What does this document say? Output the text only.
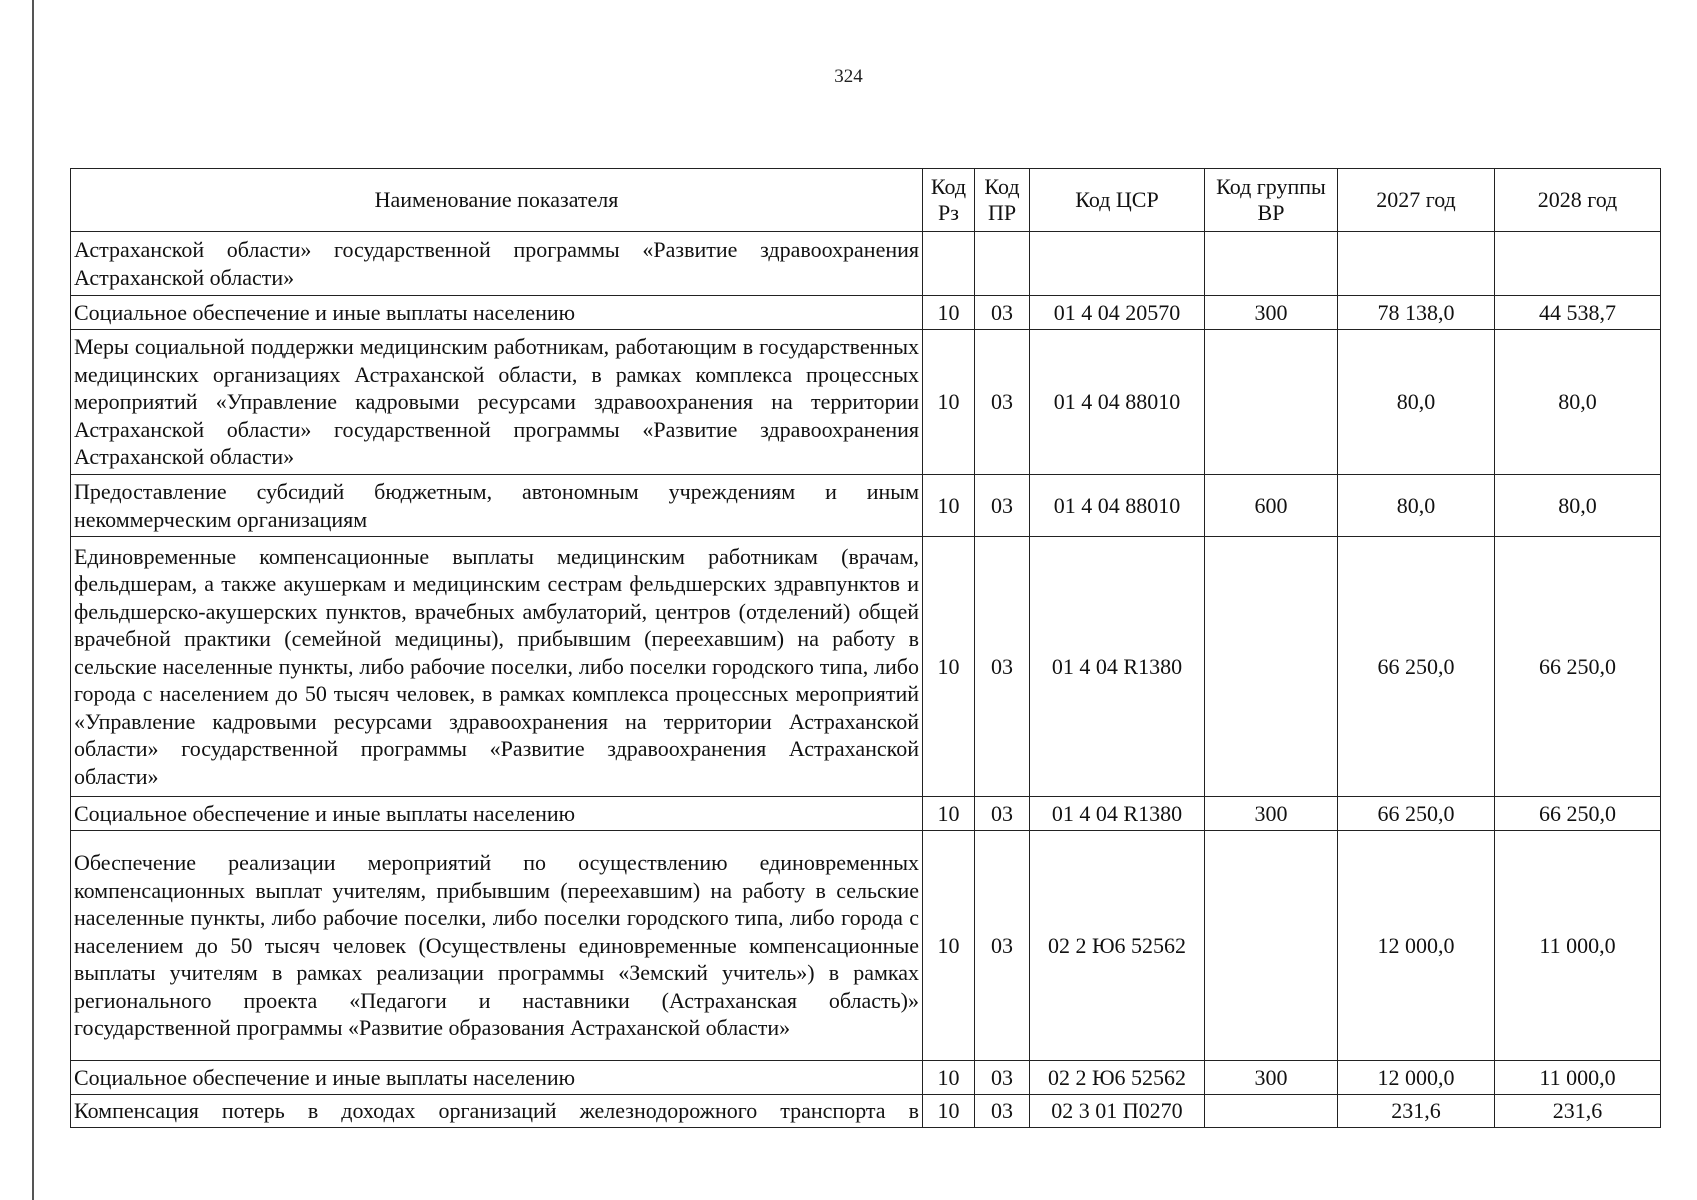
324
Наименование показателя	Код Рз	Код ПР	Код ЦСР	Код группы ВР	2027 год	2028 год
Астраханской области» государственной программы «Развитие здравоохранения Астраханской области»						
Социальное обеспечение и иные выплаты населению	10	03	01 4 04 20570	300	78 138,0	44 538,7
Меры социальной поддержки медицинским работникам, работающим в государственных медицинских организациях Астраханской области, в рамках комплекса процессных мероприятий «Управление кадровыми ресурсами здравоохранения на территории Астраханской области» государственной программы «Развитие здравоохранения Астраханской области»	10	03	01 4 04 88010		80,0	80,0
Предоставление субсидий бюджетным, автономным учреждениям и иным некоммерческим организациям	10	03	01 4 04 88010	600	80,0	80,0
Единовременные компенсационные выплаты медицинским работникам (врачам, фельдшерам, а также акушеркам и медицинским сестрам фельдшерских здравпунктов и фельдшерско-акушерских пунктов, врачебных амбулаторий, центров (отделений) общей врачебной практики (семейной медицины), прибывшим (переехавшим) на работу в сельские населенные пункты, либо рабочие поселки, либо поселки городского типа, либо города с населением до 50 тысяч человек, в рамках комплекса процессных мероприятий «Управление кадровыми ресурсами здравоохранения на территории Астраханской области» государственной программы «Развитие здравоохранения Астраханской области»	10	03	01 4 04 R1380		66 250,0	66 250,0
Социальное обеспечение и иные выплаты населению	10	03	01 4 04 R1380	300	66 250,0	66 250,0
Обеспечение реализации мероприятий по осуществлению единовременных компенсационных выплат учителям, прибывшим (переехавшим) на работу в сельские населенные пункты, либо рабочие поселки, либо поселки городского типа, либо города с населением до 50 тысяч человек (Осуществлены единовременные компенсационные выплаты учителям в рамках реализации программы «Земский учитель») в рамках регионального проекта «Педагоги и наставники (Астраханская область)» государственной программы «Развитие образования Астраханской области»	10	03	02 2 Ю6 52562		12 000,0	11 000,0
Социальное обеспечение и иные выплаты населению	10	03	02 2 Ю6 52562	300	12 000,0	11 000,0
Компенсация потерь в доходах организаций железнодорожного транспорта в	10	03	02 3 01 П0270		231,6	231,6
